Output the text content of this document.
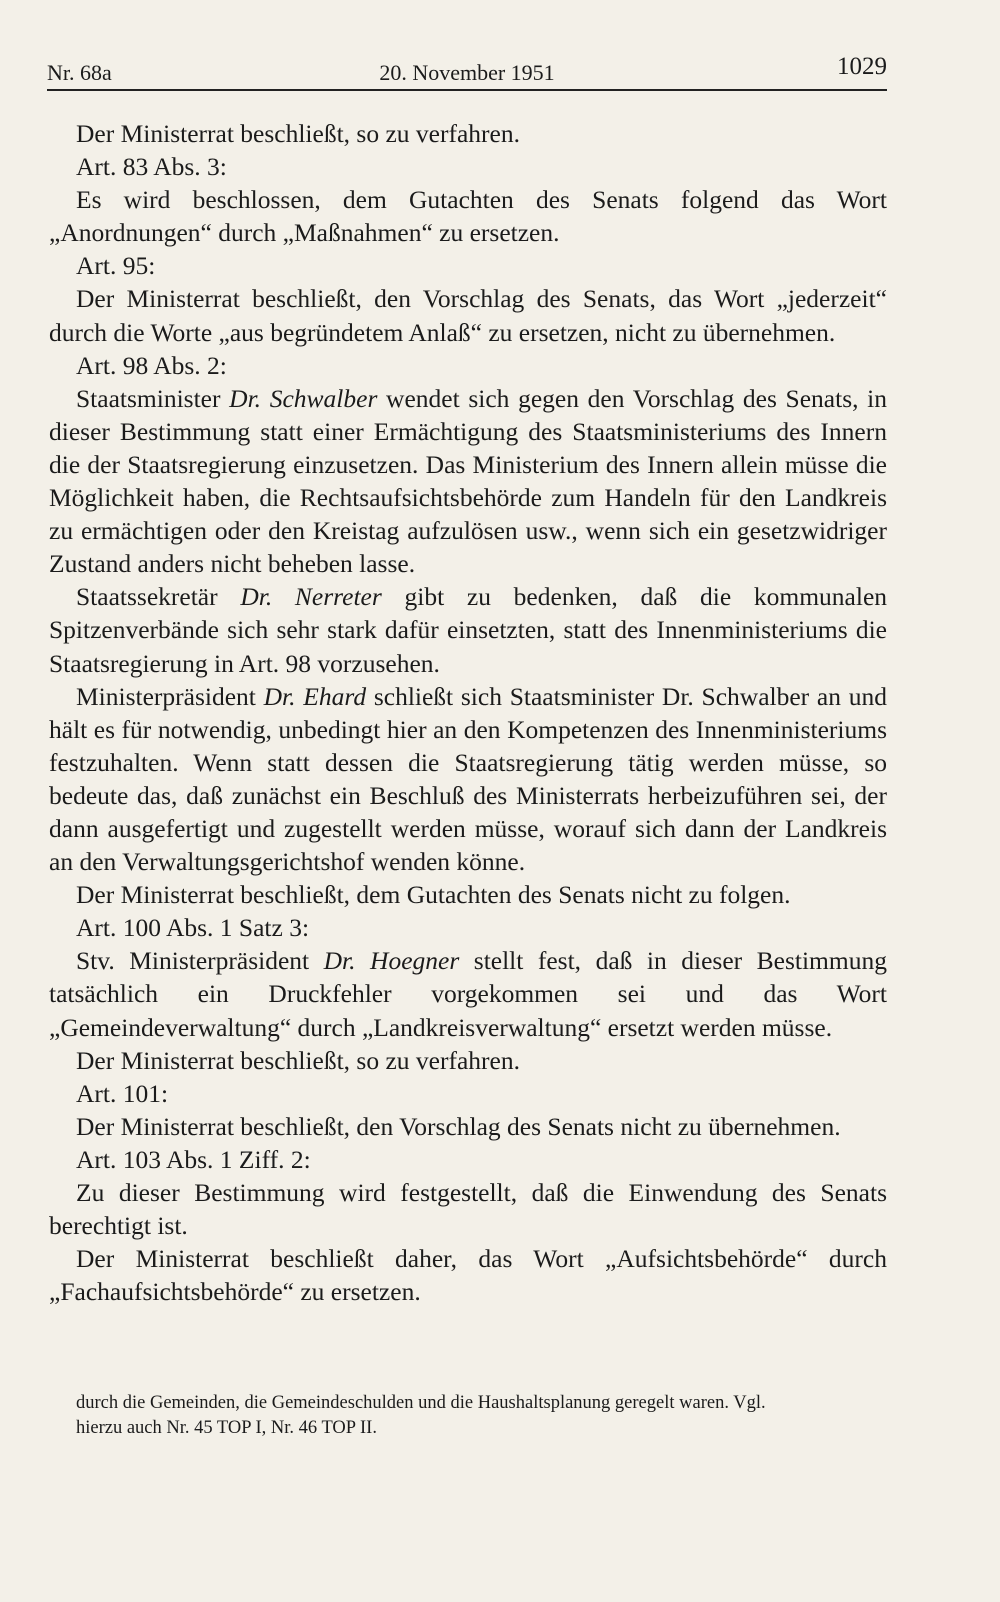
Nr. 68a	20. November 1951	1029

Der Ministerrat beschließt, so zu verfahren.

Art. 83 Abs. 3:

Es wird beschlossen, dem Gutachten des Senats folgend das Wort „Anordnungen“ durch „Maßnahmen“ zu ersetzen.

Art. 95:

Der Ministerrat beschließt, den Vorschlag des Senats, das Wort „jederzeit“ durch die Worte „aus begründetem Anlaß“ zu ersetzen, nicht zu übernehmen.

Art. 98 Abs. 2:

Staatsminister Dr. Schwalber wendet sich gegen den Vorschlag des Senats, in dieser Bestimmung statt einer Ermächtigung des Staatsministeriums des Innern die der Staatsregierung einzusetzen. Das Ministerium des Innern allein müsse die Möglichkeit haben, die Rechtsaufsichtsbehörde zum Handeln für den Landkreis zu ermächtigen oder den Kreistag aufzulösen usw., wenn sich ein gesetzwidriger Zustand anders nicht beheben lasse.

Staatssekretär Dr. Nerreter gibt zu bedenken, daß die kommunalen Spitzenverbände sich sehr stark dafür einsetzten, statt des Innenministeriums die Staatsregierung in Art. 98 vorzusehen.

Ministerpräsident Dr. Ehard schließt sich Staatsminister Dr. Schwalber an und hält es für notwendig, unbedingt hier an den Kompetenzen des Innenministeriums festzuhalten. Wenn statt dessen die Staatsregierung tätig werden müsse, so bedeute das, daß zunächst ein Beschluß des Ministerrats herbeizuführen sei, der dann ausgefertigt und zugestellt werden müsse, worauf sich dann der Landkreis an den Verwaltungsgerichtshof wenden könne.

Der Ministerrat beschließt, dem Gutachten des Senats nicht zu folgen.

Art. 100 Abs. 1 Satz 3:

Stv. Ministerpräsident Dr. Hoegner stellt fest, daß in dieser Bestimmung tatsächlich ein Druckfehler vorgekommen sei und das Wort „Gemeindeverwaltung“ durch „Landkreisverwaltung“ ersetzt werden müsse.

Der Ministerrat beschließt, so zu verfahren.

Art. 101:

Der Ministerrat beschließt, den Vorschlag des Senats nicht zu übernehmen.

Art. 103 Abs. 1 Ziff. 2:

Zu dieser Bestimmung wird festgestellt, daß die Einwendung des Senats berechtigt ist.

Der Ministerrat beschließt daher, das Wort „Aufsichtsbehörde“ durch „Fachaufsichtsbehörde“ zu ersetzen.

durch die Gemeinden, die Gemeindeschulden und die Haushaltsplanung geregelt waren. Vgl.

hierzu auch Nr. 45 TOP I, Nr. 46 TOP II.
